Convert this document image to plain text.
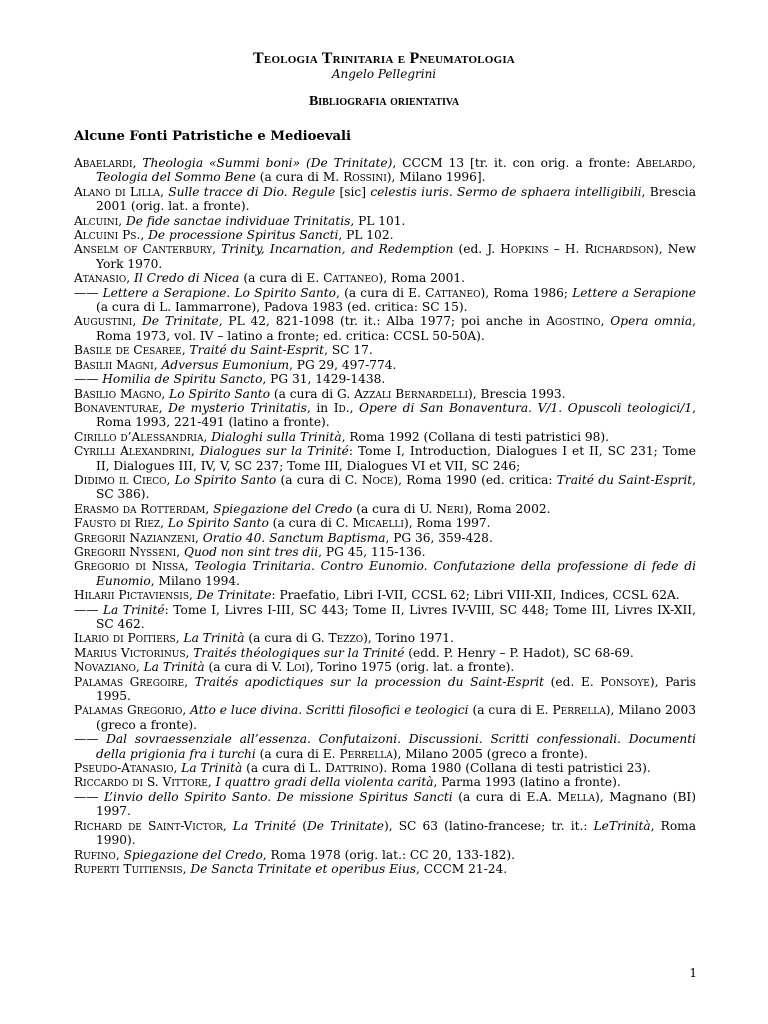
Teologia Trinitaria e Pneumatologia
Angelo Pellegrini
Bibliografia orientativa
Alcune Fonti Patristiche e Medioevali

Abaelardi, Theologia «Summi boni» (De Trinitate), CCCM 13 [tr. it. con orig. a fronte: Abelardo, Teologia del Sommo Bene (a cura di M. Rossini), Milano 1996].

Alano di Lilla, Sulle tracce di Dio. Regule [sic] celestis iuris. Sermo de sphaera intelligibili, Brescia 2001 (orig. lat. a fronte).

Alcuini, De fide sanctae individuae Trinitatis, PL 101.

Alcuini Ps., De processione Spiritus Sancti, PL 102.

Anselm of Canterbury, Trinity, Incarnation, and Redemption (ed. J. Hopkins – H. Richardson), New York 1970.

Atanasio, Il Credo di Nicea (a cura di E. Cattaneo), Roma 2001.

—— Lettere a Serapione. Lo Spirito Santo, (a cura di E. Cattaneo), Roma 1986; Lettere a Serapione (a cura di L. Iammarrone), Padova 1983 (ed. critica: SC 15).

Augustini, De Trinitate, PL 42, 821-1098 (tr. it.: Alba 1977; poi anche in Agostino, Opera omnia, Roma 1973, vol. IV – latino a fronte; ed. critica: CCSL 50-50A).

Basile de Cesaree, Traité du Saint-Esprit, SC 17.

Basilii Magni, Adversus Eumonium, PG 29, 497-774.

—— Homilia de Spiritu Sancto, PG 31, 1429-1438.

Basilio Magno, Lo Spirito Santo (a cura di G. Azzali Bernardelli), Brescia 1993.

Bonaventurae, De mysterio Trinitatis, in Id., Opere di San Bonaventura. V/1. Opuscoli teologici/1, Roma 1993, 221-491 (latino a fronte).

Cirillo d’Alessandria, Dialoghi sulla Trinità, Roma 1992 (Collana di testi patristici 98).

Cyrilli Alexandrini, Dialogues sur la Trinité: Tome I, Introduction, Dialogues I et II, SC 231; Tome II, Dialogues III, IV, V, SC 237; Tome III, Dialogues VI et VII, SC 246;

Didimo il Cieco, Lo Spirito Santo (a cura di C. Noce), Roma 1990 (ed. critica: Traité du Saint-Esprit, SC 386).

Erasmo da Rotterdam, Spiegazione del Credo (a cura di U. Neri), Roma 2002.

Fausto di Riez, Lo Spirito Santo (a cura di C. Micaelli), Roma 1997.

Gregorii Nazianzeni, Oratio 40. Sanctum Baptisma, PG 36, 359-428.

Gregorii Nysseni, Quod non sint tres dii, PG 45, 115-136.

Gregorio di Nissa, Teologia Trinitaria. Contro Eunomio. Confutazione della professione di fede di Eunomio, Milano 1994.

Hilarii Pictaviensis, De Trinitate: Praefatio, Libri I-VII, CCSL 62; Libri VIII-XII, Indices, CCSL 62A.

—— La Trinité: Tome I, Livres I-III, SC 443; Tome II, Livres IV-VIII, SC 448; Tome III, Livres IX-XII, SC 462.

Ilario di Poitiers, La Trinità (a cura di G. Tezzo), Torino 1971.

Marius Victorinus, Traités théologiques sur la Trinité (edd. P. Henry – P. Hadot), SC 68-69.

Novaziano, La Trinità (a cura di V. Loi), Torino 1975 (orig. lat. a fronte).

Palamas Gregoire, Traités apodictiques sur la procession du Saint-Esprit (ed. E. Ponsoye), Paris 1995.

Palamas Gregorio, Atto e luce divina. Scritti filosofici e teologici (a cura di E. Perrella), Milano 2003 (greco a fronte).

—— Dal sovraessenziale all’essenza. Confutaizoni. Discussioni. Scritti confessionali. Documenti della prigionia fra i turchi (a cura di E. Perrella), Milano 2005 (greco a fronte).

Pseudo-Atanasio, La Trinità (a cura di L. Dattrino). Roma 1980 (Collana di testi patristici 23).

Riccardo di S. Vittore, I quattro gradi della violenta carità, Parma 1993 (latino a fronte).

—— L’invio dello Spirito Santo. De missione Spiritus Sancti (a cura di E.A. Mella), Magnano (BI) 1997.

Richard de Saint-Victor, La Trinité (De Trinitate), SC 63 (latino-francese; tr. it.: LeTrinità, Roma 1990).

Rufino, Spiegazione del Credo, Roma 1978 (orig. lat.: CC 20, 133-182).

Ruperti Tuitiensis, De Sancta Trinitate et operibus Eius, CCCM 21-24.

1
